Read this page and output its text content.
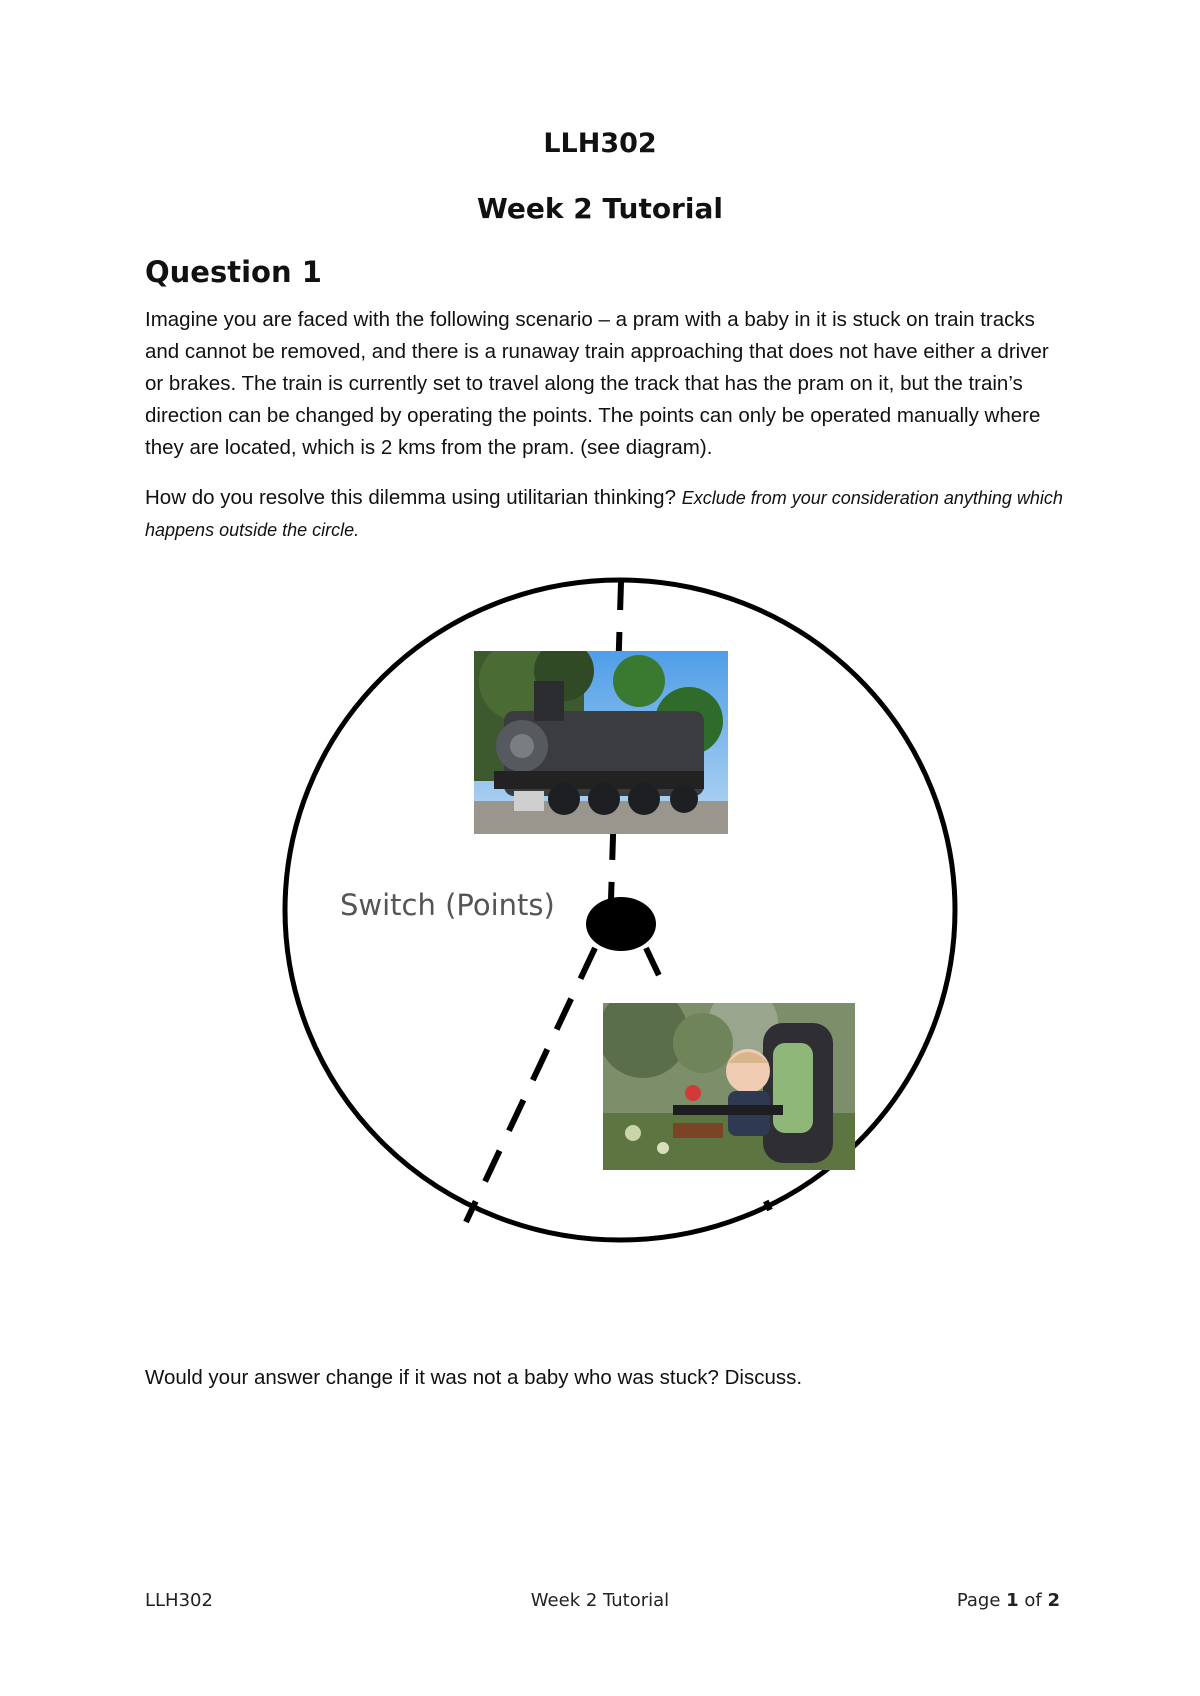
LLH302
Week 2 Tutorial
Question 1

Imagine you are faced with the following scenario – a pram with a baby in it is stuck on train tracks and cannot be removed, and there is a runaway train approaching that does not have either a driver or brakes. The train is currently set to travel along the track that has the pram on it, but the train’s direction can be changed by operating the points. The points can only be operated manually where they are located, which is 2 kms from the pram. (see diagram).

How do you resolve this dilemma using utilitarian thinking? Exclude from your consideration anything which happens outside the circle.

Switch (Points)

Would your answer change if it was not a baby who was stuck? Discuss.

LLH302	Week 2 Tutorial	Page 1 of 2
